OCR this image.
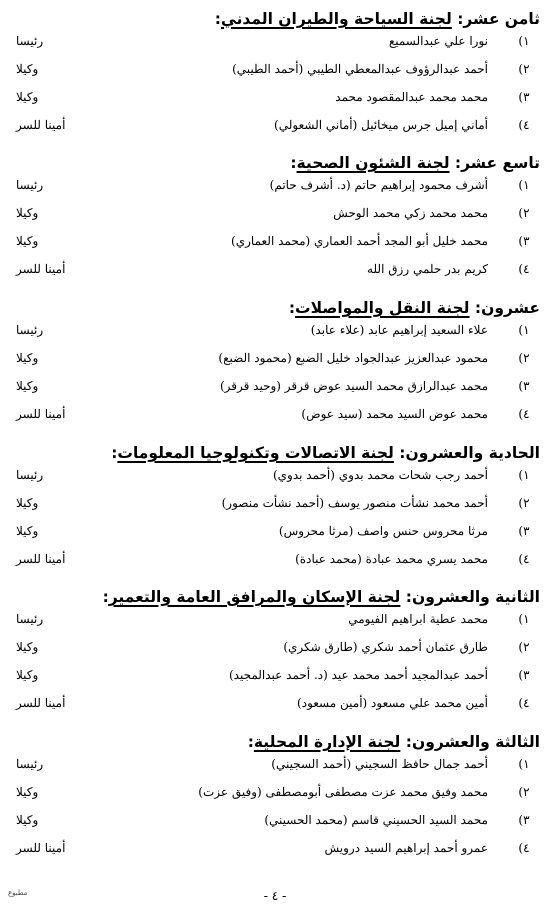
ثامن عشر: لجنة السياحة والطيران المدني:
١)
نورا علي عبدالسميع
رئيسا
٢)
أحمد عبدالرؤوف عبدالمعطي الطيبي (أحمد الطيبي)
وكيلا
٣)
محمد محمد عبدالمقصود محمد
وكيلا
٤)
أماني إميل جرس ميخائيل (أماني الشعولي)
أمينا للسر
تاسع عشر: لجنة الشئون الصحية:
١)
أشرف محمود إبراهيم حاتم (د. أشرف حاتم)
رئيسا
٢)
محمد محمد زكي محمد الوحش
وكيلا
٣)
محمد خليل أبو المجد أحمد العماري (محمد العماري)
وكيلا
٤)
كريم بدر حلمي رزق الله
أمينا للسر
عشرون: لجنة النقل والمواصلات:
١)
علاء السعيد إبراهيم عابد (علاء عابد)
رئيسا
٢)
محمود عبدالعزيز عبدالجواد خليل الضبع (محمود الضبع)
وكيلا
٣)
محمد عبدالرازق محمد السيد عوض قرقر (وحيد قرقر)
وكيلا
٤)
محمد عوض السيد محمد (سيد عوض)
أمينا للسر
الحادية والعشرون: لجنة الاتصالات وتكنولوجيا المعلومات:
١)
أحمد رجب شحات محمد بدوي (أحمد بدوي)
رئيسا
٢)
أحمد محمد نشأت منصور يوسف (أحمد نشأت منصور)
وكيلا
٣)
مرثا محروس حنس واصف (مرثا محروس)
وكيلا
٤)
محمد يسري محمد عبادة (محمد عبادة)
أمينا للسر
الثانية والعشرون: لجنة الإسكان والمرافق العامة والتعمير:
١)
محمد عطية ابراهيم الفيومي
رئيسا
٢)
طارق عثمان أحمد شكري (طارق شكري)
وكيلا
٣)
أحمد عبدالمجيد أحمد محمد عيد (د. أحمد عبدالمجيد)
وكيلا
٤)
أمين محمد علي مسعود (أمين مسعود)
أمينا للسر
الثالثة والعشرون: لجنة الإدارة المحلية:
١)
أحمد جمال حافظ السجيني (أحمد السجيني)
رئيسا
٢)
محمد وفيق محمد عزت مصطفى أبومصطفى (وفيق عزت)
وكيلا
٣)
محمد السيد الحسيني قاسم (محمد الحسيني)
وكيلا
٤)
عمرو أحمد إبراهيم السيد درويش
أمينا للسر
- ٤ -
مطبوع
